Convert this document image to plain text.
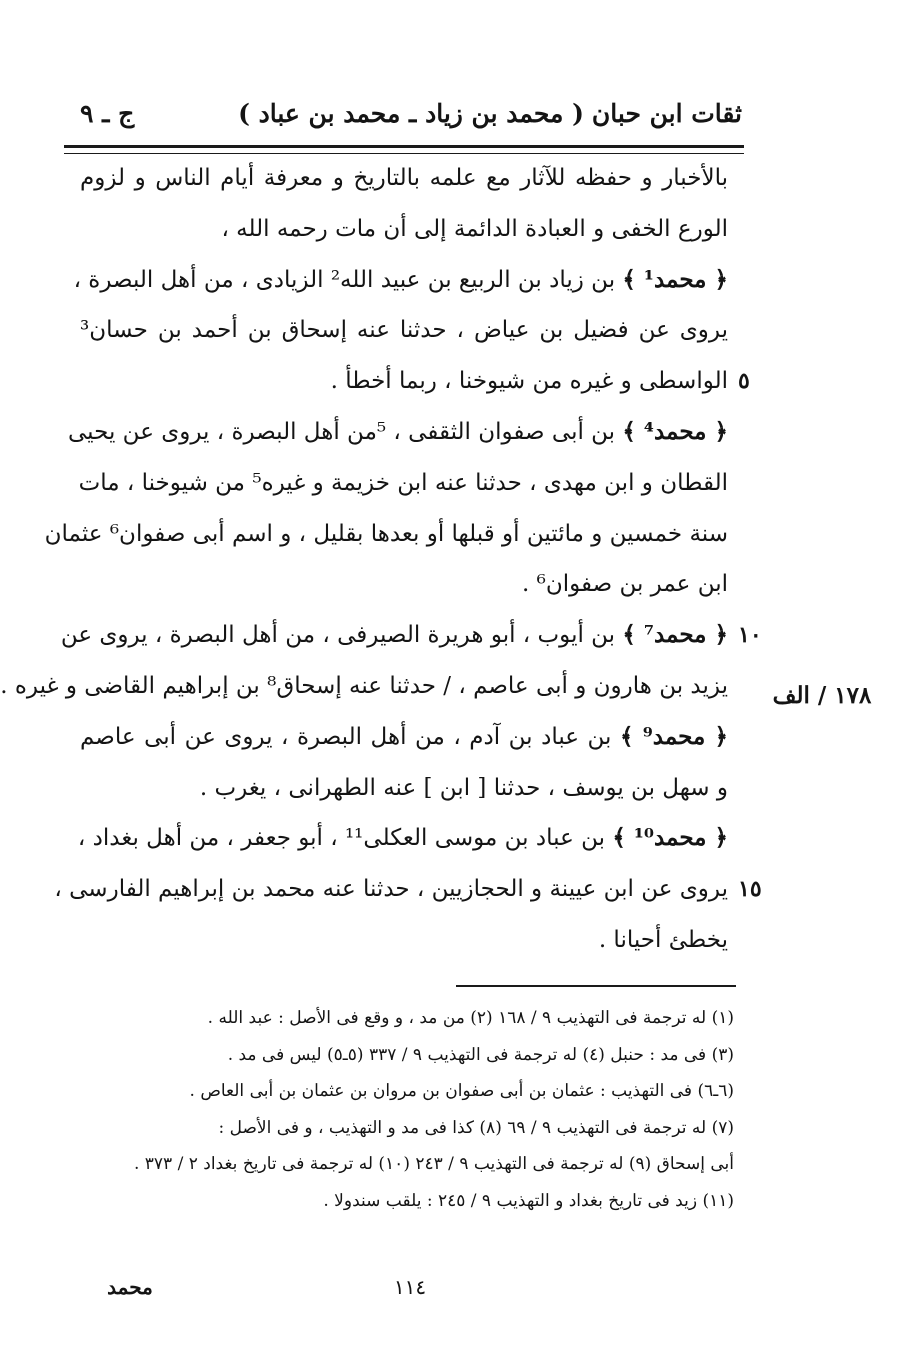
ثقات ابن حبان
( محمد بن زياد ـ محمد بن عباد )
ج ـ ٩
بالأخبار و حفظه للآثار مع علمه بالتاريخ و معرفة أيام الناس و لزوم
الورع الخفى و العبادة الدائمة إلى أن مات رحمه الله ،
﴿ محمد¹ ﴾ بن زياد بن الربيع بن عبيد الله² الزيادى ، من أهل البصرة ،
يروى عن فضيل بن عياض ، حدثنا عنه إسحاق بن أحمد بن حسان³
الواسطى و غيره من شيوخنا ، ربما أخطأ . ٥
﴿ محمد⁴ ﴾ بن أبى صفوان الثقفى ، ⁵من أهل البصرة ، يروى عن يحيى
القطان و ابن مهدى ، حدثنا عنه ابن خزيمة و غيره⁵ من شيوخنا ، مات
سنة خمسين و مائتين أو قبلها أو بعدها بقليل ، و اسم أبى صفوان⁶ عثمان
ابن عمر بن صفوان⁶ .
﴿ محمد⁷ ﴾ بن أيوب ، أبو هريرة الصيرفى ، من أهل البصرة ، يروى عن	١٠
يزيد بن هارون و أبى عاصم ، / حدثنا عنه إسحاق⁸ بن إبراهيم القاضى و غيره . ١٧٨ / الف
﴿ محمد⁹ ﴾ بن عباد بن آدم ، من أهل البصرة ، يروى عن أبى عاصم
و سهل بن يوسف ، حدثنا [ ابن ] عنه الطهرانى ، يغرب .
﴿ محمد¹⁰ ﴾ بن عباد بن موسى العكلى¹¹ ، أبو جعفر ، من أهل بغداد ،
يروى عن ابن عيينة و الحجازيين ، حدثنا عنه محمد بن إبراهيم الفارسى ، ١٥
يخطئ أحيانا .
(١) له ترجمة فى التهذيب ٩ / ١٦٨ (٢) من مد ، و وقع فى الأصل : عبد الله .
(٣) فى مد : حنبل (٤) له ترجمة فى التهذيب ٩ / ٣٣٧ (٥ـ٥) ليس فى مد .
(٦ـ٦) فى التهذيب : عثمان بن أبى صفوان بن مروان بن عثمان بن أبى العاص .
(٧) له ترجمة فى التهذيب ٩ / ٦٩ (٨) كذا فى مد و التهذيب ، و فى الأصل :
أبى إسحاق (٩) له ترجمة فى التهذيب ٩ / ٢٤٣ (١٠) له ترجمة فى تاريخ بغداد ٢ / ٣٧٣ .
(١١) زيد فى تاريخ بغداد و التهذيب ٩ / ٢٤٥ : يلقب سندولا .
١١٤
محمد
